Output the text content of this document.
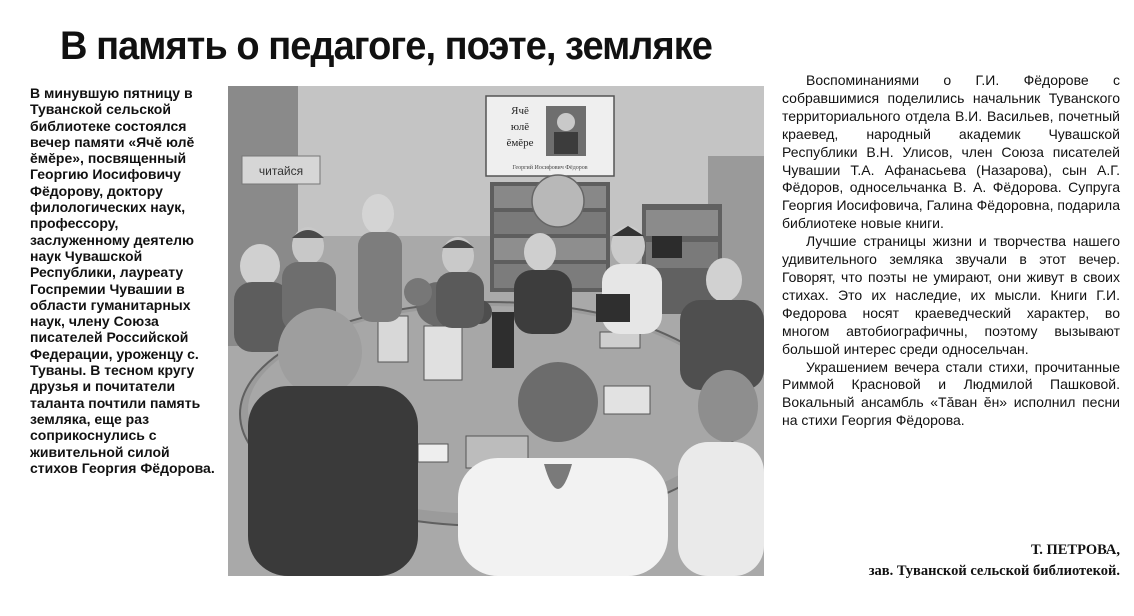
В память о педагоге, поэте, земляке

В минувшую пятницу в Туванской сельской библиотеке состоялся вечер памяти «Ячĕ юлĕ ĕмĕре», посвященный Георгию Иосифовичу Фёдорову, доктору филологических наук, профессору, заслуженному деятелю наук Чувашской Республики, лауреату Госпремии Чувашии в области гуманитарных наук, члену Союза писателей Российской Федерации, уроженцу с. Туваны. В тесном кругу друзья и почитатели таланта почтили память земляка, еще раз соприкоснулись с живительной силой стихов Георгия Фёдорова.

читайся
Ячĕ
юлĕ
ĕмĕре
Георгий Иосифович Фёдоров

Воспоминаниями о Г.И. Фёдорове с собравшимися поделились начальник Туванского территориального отдела В.И. Васильев, почетный краевед, народный академик Чувашской Республики В.Н. Улисов, член Союза писателей Чувашии Т.А. Афанасьева (Назарова), сын А.Г. Фёдоров, односельчанка В. А. Фёдорова. Супруга Георгия Иосифовича, Галина Фёдоровна, подарила библиотеке новые книги.

Лучшие страницы жизни и творчества нашего удивительного земляка звучали в этот вечер. Говорят, что поэты не умирают, они живут в своих стихах. Это их наследие, их мысли. Книги Г.И. Федорова носят краеведческий характер, во многом автобиографичны, поэтому вызывают большой интерес среди односельчан.

Украшением вечера стали стихи, прочитанные Риммой Красновой и Людмилой Пашковой. Вокальный ансамбль «Тăван ĕн» исполнил песни на стихи Георгия Фёдорова.

Т. ПЕТРОВА,
зав. Туванской сельской библиотекой.
